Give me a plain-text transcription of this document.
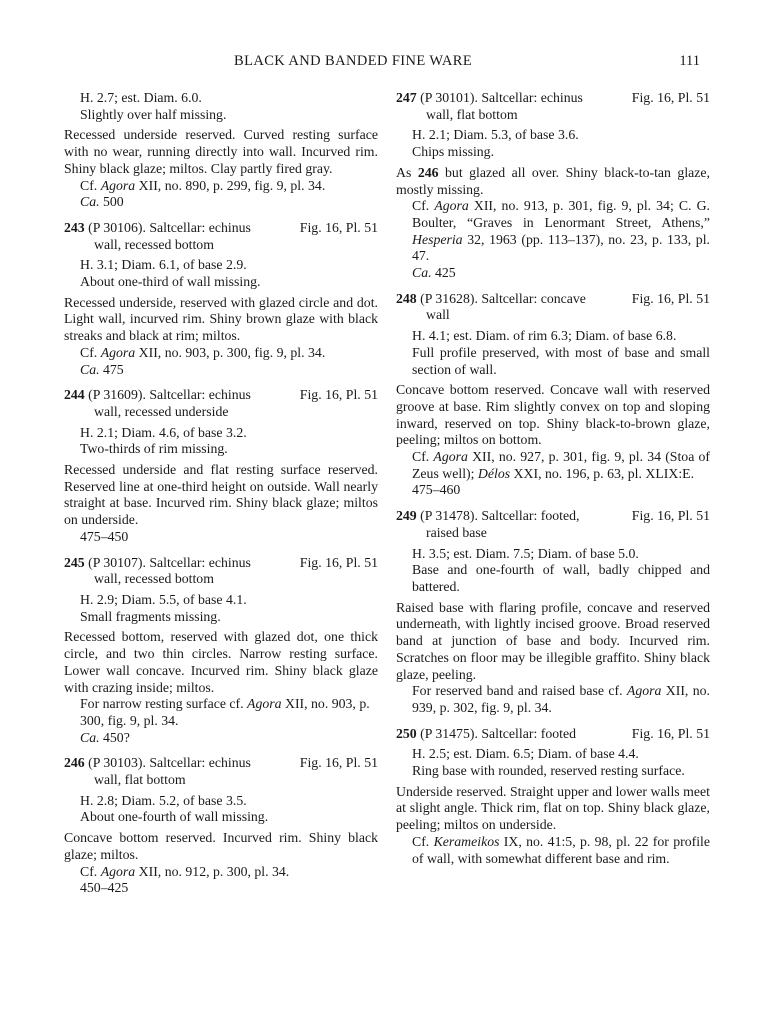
BLACK AND BANDED FINE WARE	111
H. 2.7; est. Diam. 6.0.
Slightly over half missing.
Recessed underside reserved. Curved resting surface with no wear, running directly into wall. Incurved rim. Shiny black glaze; miltos. Clay partly fired gray.
Cf. Agora XII, no. 890, p. 299, fig. 9, pl. 34.
Ca. 500
243 (P 30106). Saltcellar: echinus
wall, recessed bottom
Fig. 16, Pl. 51
H. 3.1; Diam. 6.1, of base 2.9.
About one-third of wall missing.
Recessed underside, reserved with glazed circle and dot. Light wall, incurved rim. Shiny brown glaze with black streaks and black at rim; miltos.
Cf. Agora XII, no. 903, p. 300, fig. 9, pl. 34.
Ca. 475
244 (P 31609). Saltcellar: echinus
wall, recessed underside
Fig. 16, Pl. 51
H. 2.1; Diam. 4.6, of base 3.2.
Two-thirds of rim missing.
Recessed underside and flat resting surface reserved. Reserved line at one-third height on outside. Wall nearly straight at base. Incurved rim. Shiny black glaze; miltos on underside.
475–450
245 (P 30107). Saltcellar: echinus
wall, recessed bottom
Fig. 16, Pl. 51
H. 2.9; Diam. 5.5, of base 4.1.
Small fragments missing.
Recessed bottom, reserved with glazed dot, one thick circle, and two thin circles. Narrow resting surface. Lower wall concave. Incurved rim. Shiny black glaze with crazing inside; miltos.
For narrow resting surface cf. Agora XII, no. 903, p. 300, fig. 9, pl. 34.
Ca. 450?
246 (P 30103). Saltcellar: echinus
wall, flat bottom
Fig. 16, Pl. 51
H. 2.8; Diam. 5.2, of base 3.5.
About one-fourth of wall missing.
Concave bottom reserved. Incurved rim. Shiny black glaze; miltos.
Cf. Agora XII, no. 912, p. 300, pl. 34.
450–425
247 (P 30101). Saltcellar: echinus
wall, flat bottom
Fig. 16, Pl. 51
H. 2.1; Diam. 5.3, of base 3.6.
Chips missing.
As 246 but glazed all over. Shiny black-to-tan glaze, mostly missing.
Cf. Agora XII, no. 913, p. 301, fig. 9, pl. 34; C. G. Boulter, “Graves in Lenormant Street, Athens,” Hesperia 32, 1963 (pp. 113–137), no. 23, p. 133, pl. 47.
Ca. 425
248 (P 31628). Saltcellar: concave
wall
Fig. 16, Pl. 51
H. 4.1; est. Diam. of rim 6.3; Diam. of base 6.8.
Full profile preserved, with most of base and small section of wall.
Concave bottom reserved. Concave wall with reserved groove at base. Rim slightly convex on top and sloping inward, reserved on top. Shiny black-to-brown glaze, peeling; miltos on bottom.
Cf. Agora XII, no. 927, p. 301, fig. 9, pl. 34 (Stoa of Zeus well); Délos XXI, no. 196, p. 63, pl. XLIX:E.
475–460
249 (P 31478). Saltcellar: footed,
raised base
Fig. 16, Pl. 51
H. 3.5; est. Diam. 7.5; Diam. of base 5.0.
Base and one-fourth of wall, badly chipped and battered.
Raised base with flaring profile, concave and reserved underneath, with lightly incised groove. Broad reserved band at junction of base and body. Incurved rim. Scratches on floor may be illegible graffito. Shiny black glaze, peeling.
For reserved band and raised base cf. Agora XII, no. 939, p. 302, fig. 9, pl. 34.
250 (P 31475). Saltcellar: footed	Fig. 16, Pl. 51
H. 2.5; est. Diam. 6.5; Diam. of base 4.4.
Ring base with rounded, reserved resting surface.
Underside reserved. Straight upper and lower walls meet at slight angle. Thick rim, flat on top. Shiny black glaze, peeling; miltos on underside.
Cf. Kerameikos IX, no. 41:5, p. 98, pl. 22 for profile of wall, with somewhat different base and rim.
